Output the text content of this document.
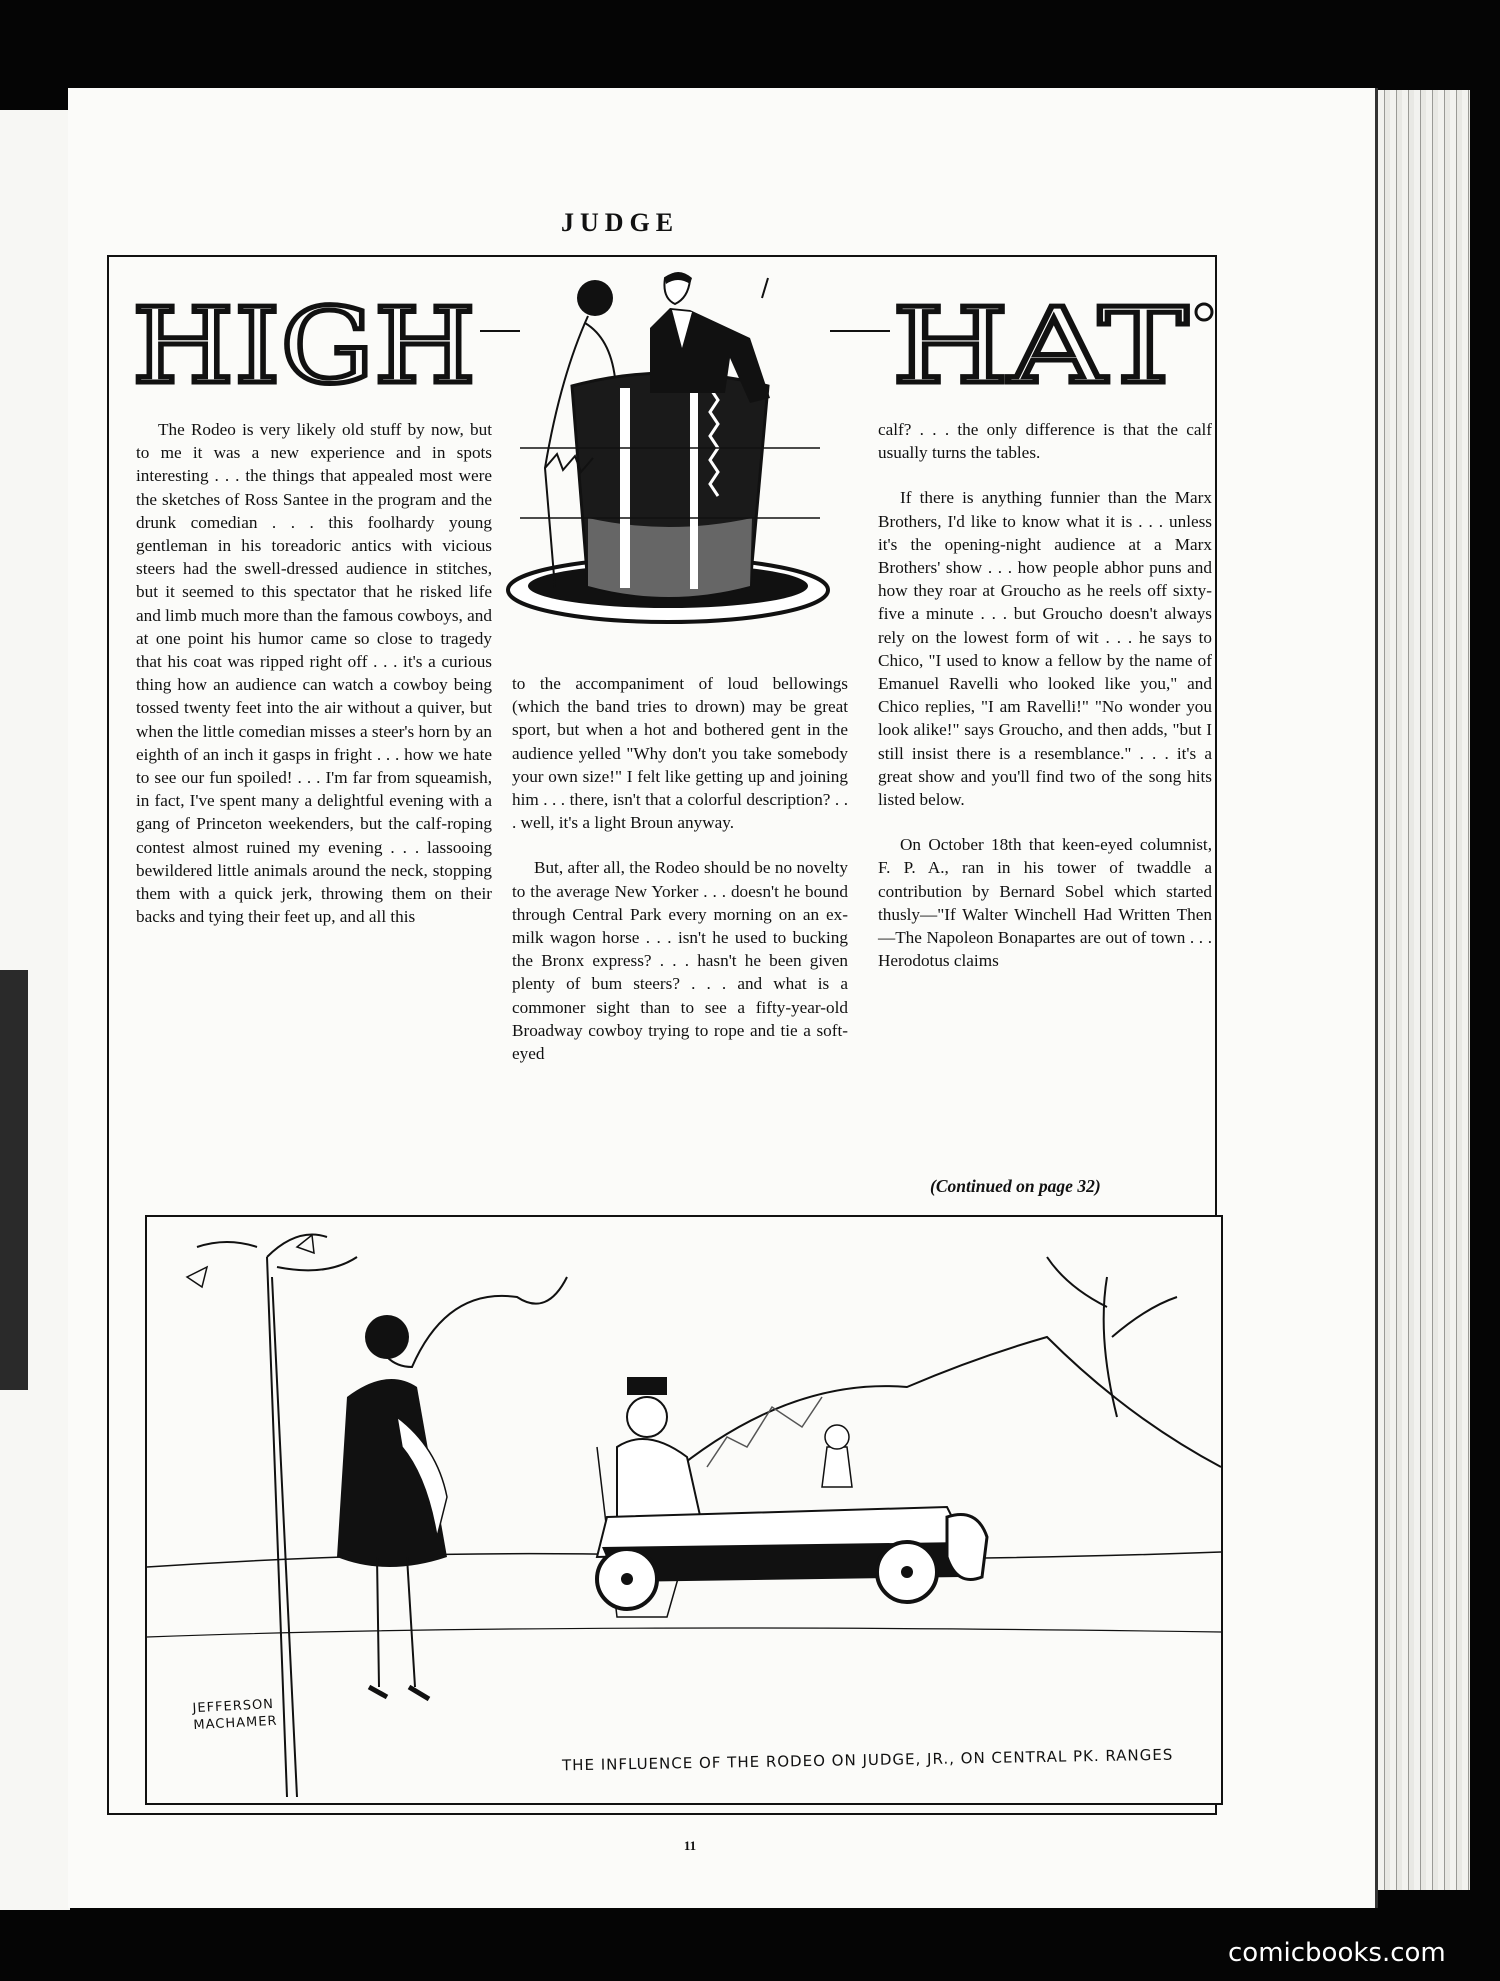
JUDGE
HIGH	HAT

The Rodeo is very likely old stuff by now, but to me it was a new experience and in spots interesting . . . the things that appealed most were the sketches of Ross Santee in the program and the drunk comedian . . . this foolhardy young gentleman in his toreadoric antics with vicious steers had the swell-dressed audience in stitches, but it seemed to this spectator that he risked life and limb much more than the famous cowboys, and at one point his humor came so close to tragedy that his coat was ripped right off . . . it's a curious thing how an audience can watch a cowboy being tossed twenty feet into the air without a quiver, but when the little comedian misses a steer's horn by an eighth of an inch it gasps in fright . . . how we hate to see our fun spoiled! . . . I'm far from squeamish, in fact, I've spent many a delightful evening with a gang of Princeton weekenders, but the calf-roping contest almost ruined my evening . . . lassooing bewildered little animals around the neck, stopping them with a quick jerk, throwing them on their backs and tying their feet up, and all this

to the accompaniment of loud bellowings (which the band tries to drown) may be great sport, but when a hot and bothered gent in the audience yelled "Why don't you take somebody your own size!" I felt like getting up and joining him . . . there, isn't that a colorful description? . . . well, it's a light Broun anyway.

But, after all, the Rodeo should be no novelty to the average New Yorker . . . doesn't he bound through Central Park every morning on an ex-milk wagon horse . . . isn't he used to bucking the Bronx express? . . . hasn't he been given plenty of bum steers? . . . and what is a commoner sight than to see a fifty-year-old Broadway cowboy trying to rope and tie a soft-eyed

calf? . . . the only difference is that the calf usually turns the tables.

If there is anything funnier than the Marx Brothers, I'd like to know what it is . . . unless it's the opening-night audience at a Marx Brothers' show . . . how people abhor puns and how they roar at Groucho as he reels off sixty-five a minute . . . but Groucho doesn't always rely on the lowest form of wit . . . he says to Chico, "I used to know a fellow by the name of Emanuel Ravelli who looked like you," and Chico replies, "I am Ravelli!" "No wonder you look alike!" says Groucho, and then adds, "but I still insist there is a resemblance." . . . it's a great show and you'll find two of the song hits listed below.

On October 18th that keen-eyed columnist, F. P. A., ran in his tower of twaddle a contribution by Bernard Sobel which started thusly—"If Walter Winchell Had Written Then—The Napoleon Bonapartes are out of town . . . Herodotus claims

(Continued on page 32)
JEFFERSON
MACHAMER
THE INFLUENCE OF THE RODEO ON JUDGE, JR., ON CENTRAL PK. RANGES
11
comicbooks.com
